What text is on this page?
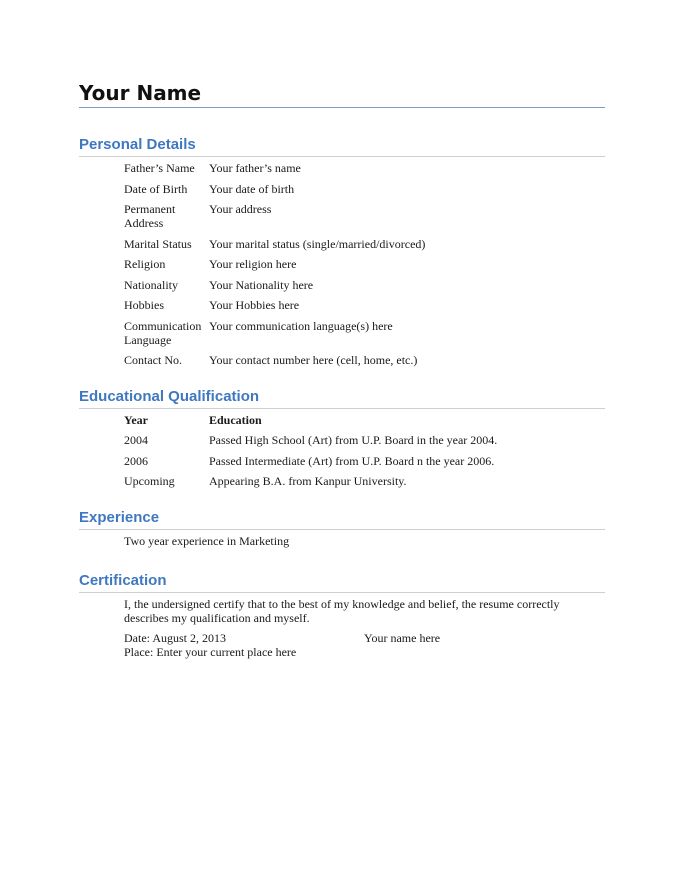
Your Name
Personal Details
Father’s Name	Your father’s name
Date of Birth	Your date of birth
Permanent Address	Your address
Marital Status	Your marital status (single/married/divorced)
Religion	Your religion here
Nationality	Your Nationality here
Hobbies	Your Hobbies here
Communication Language	Your communication language(s) here
Contact No.	Your contact number here (cell, home, etc.)
Educational Qualification
Year	Education
2004	Passed High School (Art) from U.P. Board in the year 2004.
2006	Passed Intermediate (Art) from U.P. Board n the year 2006.
Upcoming	Appearing B.A. from Kanpur University.
Experience
Two year experience in Marketing
Certification
I, the undersigned certify that to the best of my knowledge and belief, the resume correctly describes my qualification and myself.
Date: August 2, 2013
Place: Enter your current place here
Your name here
